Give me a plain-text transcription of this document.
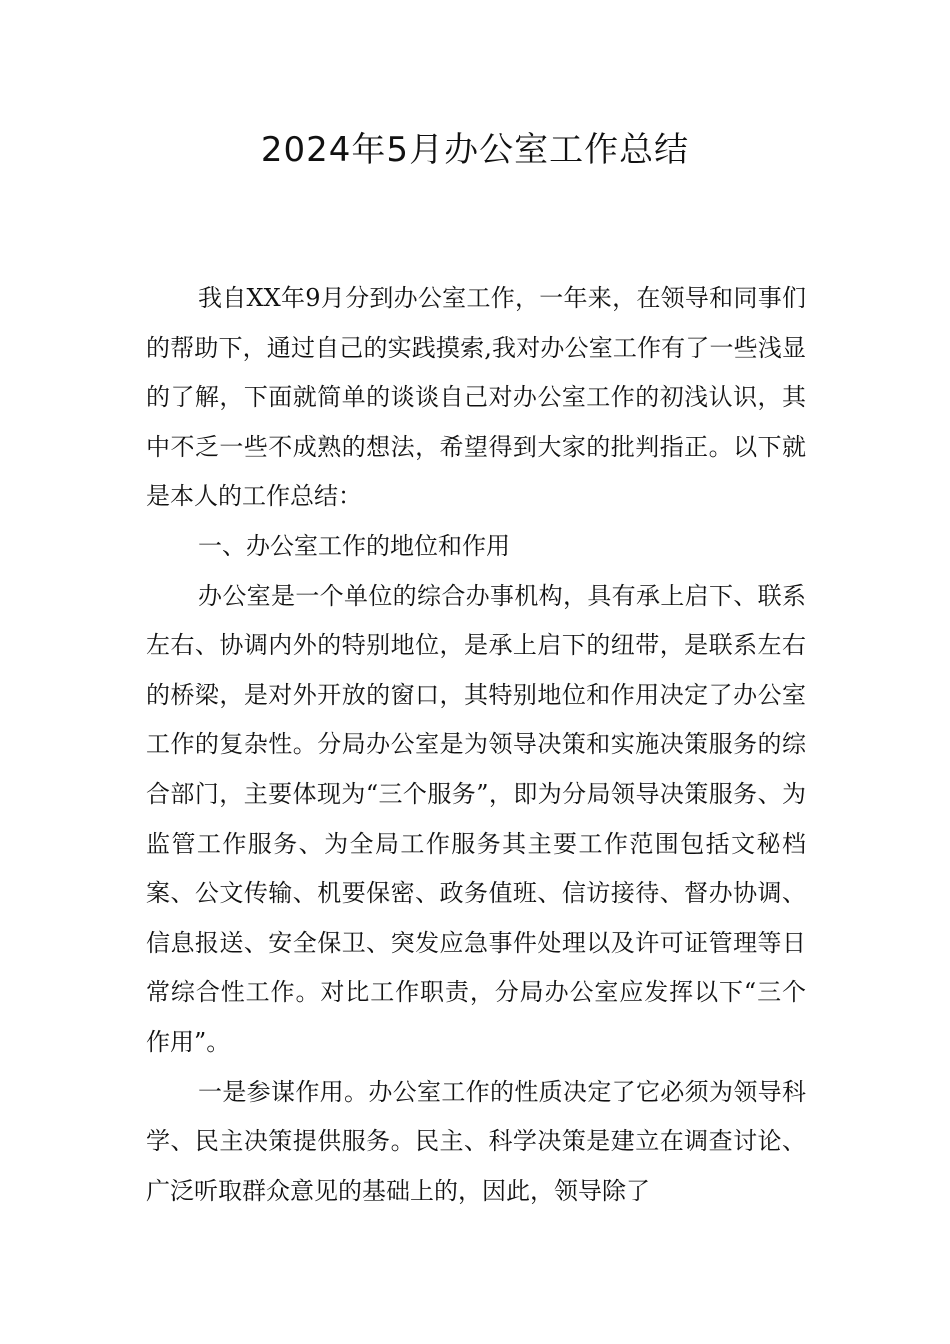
2024年5月办公室工作总结

我自XX年9月分到办公室工作，一年来，在领导和同事们的帮助下，通过自己的实践摸索,我对办公室工作有了一些浅显的了解，下面就简单的谈谈自己对办公室工作的初浅认识，其中不乏一些不成熟的想法，希望得到大家的批判指正。以下就是本人的工作总结：

一、办公室工作的地位和作用

办公室是一个单位的综合办事机构，具有承上启下、联系左右、协调内外的特别地位，是承上启下的纽带，是联系左右的桥梁，是对外开放的窗口，其特别地位和作用决定了办公室工作的复杂性。分局办公室是为领导决策和实施决策服务的综合部门，主要体现为“三个服务”，即为分局领导决策服务、为监管工作服务、为全局工作服务其主要工作范围包括文秘档案、公文传输、机要保密、政务值班、信访接待、督办协调、信息报送、安全保卫、突发应急事件处理以及许可证管理等日常综合性工作。对比工作职责，分局办公室应发挥以下“三个作用”。

一是参谋作用。办公室工作的性质决定了它必须为领导科学、民主决策提供服务。民主、科学决策是建立在调查讨论、广泛听取群众意见的基础上的，因此，领导除了
